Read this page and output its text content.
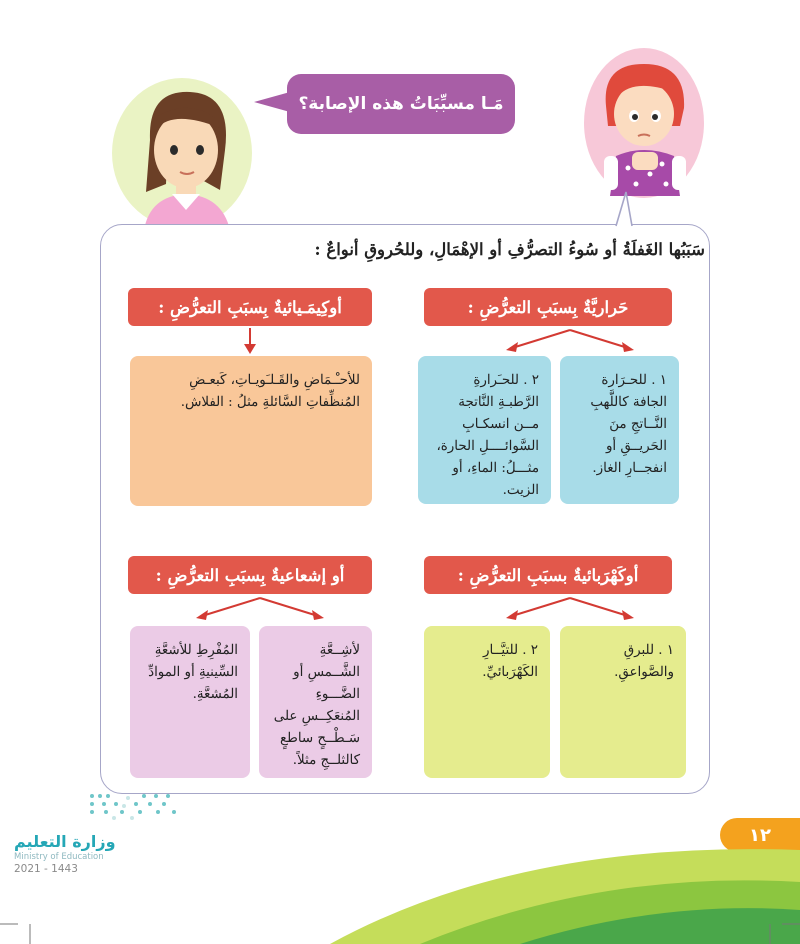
مَـا مسبِّبَاتُ هذه الإصابة؟
سَبَبُها الغَفلَةُ أو سُوءُ التصرُّفِ أو الإهْمَالِ، وللحُروقِ أنواعٌ :
حَراريَّةٌ بِسبَبِ التعرُّضِ :
١ . للحـرَارة الجافة كاللَّهبِ النَّــاتجِ منَ الحَريــقِ أو انفجــارِ الغاز.
٢ . للحـَرارةِ الرَّطبـةِ النَّاتجة مــن انسكـابِ السَّوائــــلِ الحارة، مثـــلُ: الماءِ، أو الزيت.
أوكِيمَـيائيةٌ بِسبَبِ التعرُّضِ :
للأحـْـمَاضِ والقَـلـَويـاتِ، كَبعـضِ المُنظِّفاتِ السَّائلةِ مثلُ : الفلاش.
أوكَهْرَبائيةٌ بسبَبِ التعرُّضِ :
١ . للبرقِ والصَّواعقِ.
٢ . للتيَّــارِ الكَهْرَبائيِّ.
أو إشعاعيةٌ بِسبَبِ التعرُّضِ :
لأشِــعَّةِ الشَّــمسِ أو الضَّـــوءِ المُنعَكِــسِ على سَـطْــحٍ ساطعٍ كالثلــجِ مثلاً.
المُفْرِطِ للأشعَّةِ السِّينيةِ أو الموادِّ المُشعَّةِ.
وزارة التعليم
Ministry of Education
2021 - 1443
١٢
